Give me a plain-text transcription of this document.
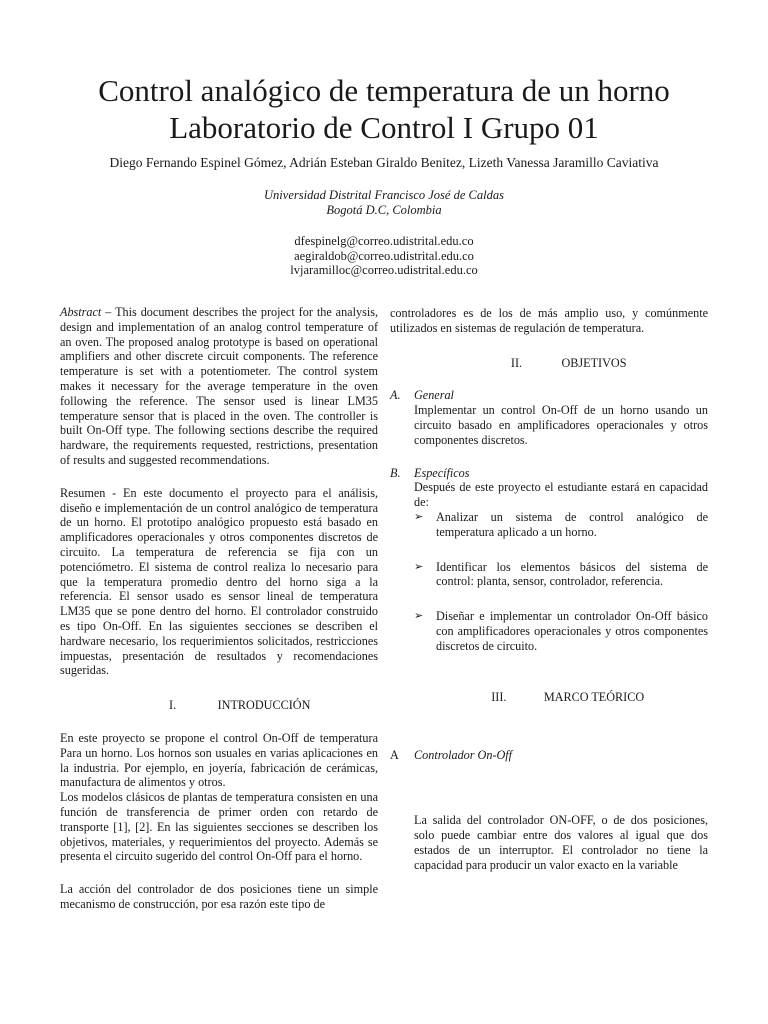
Control analógico de temperatura de un horno
Laboratorio de Control I Grupo 01
Diego Fernando Espinel Gómez, Adrián Esteban Giraldo Benitez, Lizeth Vanessa Jaramillo Caviativa
Universidad Distrital Francisco José de Caldas
Bogotá D.C, Colombia
dfespinelg@correo.udistrital.edu.co
aegiraldob@correo.udistrital.edu.co
lvjaramilloc@correo.udistrital.edu.co

Abstract – This document describes the project for the analysis, design and implementation of an analog control temperature of an oven. The proposed analog prototype is based on operational amplifiers and other discrete circuit components. The reference temperature is set with a potentiometer. The control system makes it necessary for the average temperature in the oven following the reference. The sensor used is linear LM35 temperature sensor that is placed in the oven. The controller is built On-Off type. The following sections describe the required hardware, the requirements requested, restrictions, presentation of results and suggested recommendations.

Resumen - En este documento el proyecto para el análisis, diseño e implementación de un control analógico de temperatura de un horno. El prototipo analógico propuesto está basado en amplificadores operacionales y otros componentes discretos de circuito. La temperatura de referencia se fija con un potenciómetro. El sistema de control realiza lo necesario para que la temperatura promedio dentro del horno siga a la referencia. El sensor usado es sensor lineal de temperatura LM35 que se pone dentro del horno. El controlador construido es tipo On-Off. En las siguientes secciones se describen el hardware necesario, los requerimientos solicitados, restricciones impuestas, presentación de resultados y recomendaciones sugeridas.

I.	INTRODUCCIÓN

En este proyecto se propone el control On-Off de temperatura Para un horno. Los hornos son usuales en varias aplicaciones en la industria. Por ejemplo, en joyería, fabricación de cerámicas, manufactura de alimentos y otros.

Los modelos clásicos de plantas de temperatura consisten en una función de transferencia de primer orden con retardo de transporte [1], [2]. En las siguientes secciones se describen los objetivos, materiales, y requerimientos del proyecto. Además se presenta el circuito sugerido del control On-Off para el horno.

La acción del controlador de dos posiciones tiene un simple mecanismo de construcción, por esa razón este tipo de

controladores es de los de más amplio uso, y comúnmente utilizados en sistemas de regulación de temperatura.

II.	OBJETIVOS
A. General

Implementar un control On-Off de un horno usando un circuito basado en amplificadores operacionales y otros componentes discretos.

B. Específicos

Después de este proyecto el estudiante estará en capacidad de:

➢ Analizar un sistema de control analógico de temperatura aplicado a un horno.
➢ Identificar los elementos básicos del sistema de control: planta, sensor, controlador, referencia.
➢ Diseñar e implementar un controlador On-Off básico con amplificadores operacionales y otros componentes discretos de circuito.
III.	MARCO TEÓRICO
A Controlador On-Off

La salida del controlador ON-OFF, o de dos posiciones, solo puede cambiar entre dos valores al igual que dos estados de un interruptor. El controlador no tiene la capacidad para producir un valor exacto en la variable
